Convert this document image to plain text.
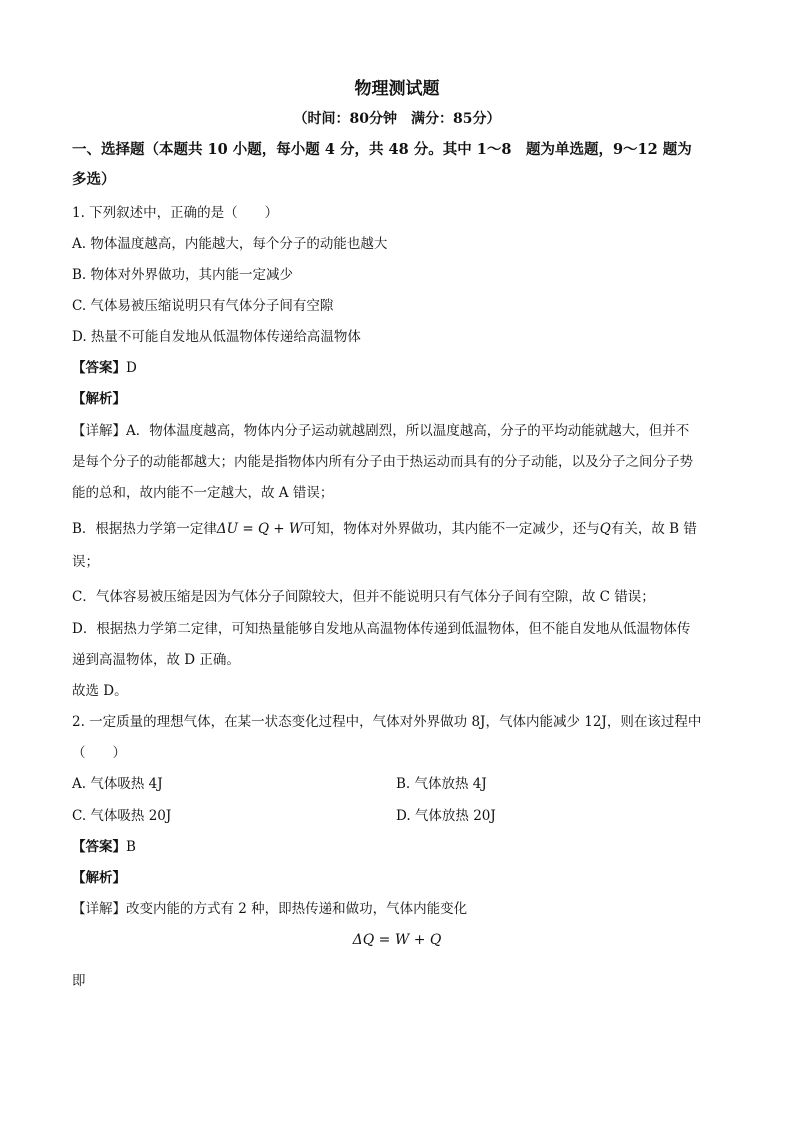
物理测试题
（时间：80分钟　满分：85分）
一、选择题（本题共 10 小题，每小题 4 分，共 48 分。其中 1～8　题为单选题，9～12 题为
多选）
1. 下列叙述中，正确的是（　　）
A. 物体温度越高，内能越大，每个分子的动能也越大
B. 物体对外界做功，其内能一定减少
C. 气体易被压缩说明只有气体分子间有空隙
D. 热量不可能自发地从低温物体传递给高温物体
【答案】D
【解析】
【详解】A．物体温度越高，物体内分子运动就越剧烈，所以温度越高，分子的平均动能就越大，但并不
是每个分子的动能都越大；内能是指物体内所有分子由于热运动而具有的分子动能，以及分子之间分子势
能的总和，故内能不一定越大，故 A 错误；
B．根据热力学第一定律ΔU = Q + W可知，物体对外界做功，其内能不一定减少，还与Q有关，故 B 错
误；
C．气体容易被压缩是因为气体分子间隙较大，但并不能说明只有气体分子间有空隙，故 C 错误；
D．根据热力学第二定律，可知热量能够自发地从高温物体传递到低温物体，但不能自发地从低温物体传
递到高温物体，故 D 正确。
故选 D。
2. 一定质量的理想气体，在某一状态变化过程中，气体对外界做功 8J，气体内能减少 12J，则在该过程中
（　　）
A. 气体吸热 4J	B. 气体放热 4J
C. 气体吸热 20J	D. 气体放热 20J
【答案】B
【解析】
【详解】改变内能的方式有 2 种，即热传递和做功，气体内能变化
ΔQ = W + Q
即
